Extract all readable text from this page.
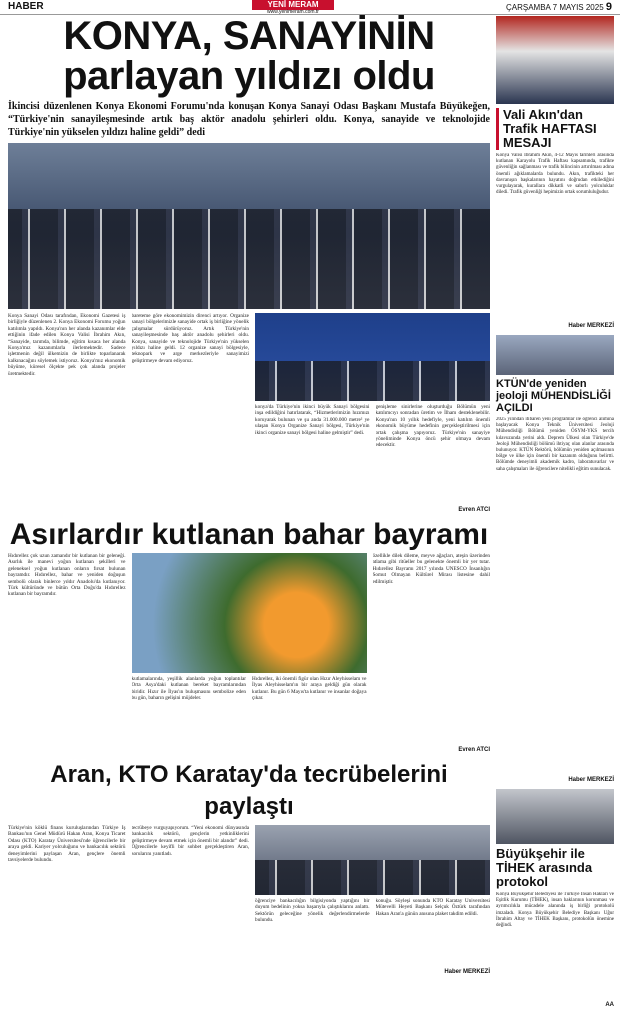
HABER	YENİ MERAM
www.yenimeram.com.tr	ÇARŞAMBA 7 MAYIS 2025 9
KONYA, SANAYİNİN
parlayan yıldızı oldu

İkincisi düzenlenen Konya Ekonomi Forumu'nda konuşan Konya Sanayi Odası Başkanı Mustafa Büyükeğen, “Türkiye'nin sanayileşmesinde artık baş aktör anadolu şehirleri oldu. Konya, sanayide ve teknolojide Türkiye'nin yükselen yıldızı haline geldi” dedi

Konya Sanayi Odası tarafından, Ekonomi Gazetesi iş birliğiyle düzenlenen 2. Konya Ekonomi Forumu yoğun katılımla yapıldı. Konya'nın her alanda kazanımlar elde ettiğinin ifade edilen Konya Valisi İbrahim Akın, “Sanayide, tarımda, bilimde, eğitim kısaca her alanda Konya'mız kazanımlarla ilerlemektedir. Sadece işletmenin değil ülkemizin de birlikte toparlanarak kalkınacağını söylemek istiyoruz. Konya'mız ekonomik büyüme, küresel ölçekte pek çok alanda projeler üretmektedir.
bareteme göre ekonomimizin direnci artıyor. Organize sanayi bölgelerimizle sanayide ortak iş birliğine yönelik çalışmalar sürdürüyoruz. Artık Türkiye'nin sanayileşmesinde baş aktör anadolu şehirleri oldu. Konya, sanayide ve teknolojide Türkiye'nin yükselen yıldızı haline geldi. 12 organize sanayi bölgesiyle, teknopark ve arge merkezleriyle sanayimizi geliştirmeye devam ediyoruz.
konya'da Türkiye'nin ikinci büyük Sanayi bölgesini inşa edildiğini hatırlatarak, “Hizmetlerimizin hızımızı koruyarak bulunan ve şu anda 31.000.000 metre² ye ulaşan Konya Organize Sanayi bölgesi, Türkiye'nin ikinci organize sanayi bölgesi haline gelmiştir” dedi.
genişleme sinirlerine oluşturduğu Bölümün yeni katılımcıyı sonradan üretim ve İlham desteklenebilir. Konya'nın 10 yıllık hedefiyle, yeni katılım önemli ekonomik büyüme hedefinin gerçekleştirilmesi için ortak çalışma yapıyoruz. Türkiye'nin sanayiye yöneliminde Konya öncü şehir olmaya devam edecektir.
Evren ATCI
Asırlardır kutlanan bahar bayramı
Hıdırellez çok uzun zamandır bir kutlanan bir geleneği. Asırlık ile manevi yoğun kutlanan şekilleri ve geleneksel yoğun kutlanan onların fırsat bulunan bayramdır. Hıdırellez, bahar ve yeniden doğuşun sembolü olarak binlerce yıldır Anadolu'da kutlanıyor. Türk kültüründe ve bütün Orta Doğu'da Hıdırellez kutlanan bir bayramdır.
kutlamalarında, yeşillik alanlarda yoğun toplantılar Orta Asya'daki kutlanan bereket bayramlarından biridir. Hızır ile İlyas'ın buluşmasını sembolize eden bu gün, baharın gelişini müjdeler.
Hıdırellez, iki önemli figür olan Hızır Aleyhisselam ve İlyas Aleyhisselam'ın bir araya geldiği gün olarak kutlanır. Bu gün 6 Mayıs'ta kutlanır ve insanlar doğaya çıkar.
özellikle dilek dileme, meyve ağaçları, ateşin üzerinden atlama gibi ritüeller bu gelenekte önemli bir yer tutar. Hıdırellez Bayramı 2017 yılında UNESCO İnsanlığın Somut Olmayan Kültürel Mirası listesine dahil edilmiştir.
Evren ATCI
Aran, KTO Karatay'da tecrübelerini paylaştı
Türkiye'nin köklü finans kuruluşlarından Türkiye İş Bankası'nın Genel Müdürü Hakan Aran, Konya Ticaret Odası (KTO) Karatay Üniversitesi'nde öğrencilerle bir araya geldi. Kariyer yolculuğunu ve bankacılık sektörü deneyimlerini paylaşan Aran, gençlere önemli tavsiyelerde bulundu.
tecrübeye vurguyapıyorum. “Yeni ekonomi dünyasında bankacılık sektörü, gençlerin yetkinliklerini geliştirmeye devam etmek için önemli bir alandır” dedi. Öğrencilerle keyifli bir sohbet gerçekleştiren Aran, sorularını yanıtladı.
öğrenciye bankacılığın bilgisiyonda yaptığını bir duyum bedelinin yoksa başarıyla çalıştıklarını anlattı. Sektörün geleceğine yönelik değerlendirmelerde bulundu.
konuğu. Söyleşi sonunda KTO Karatay Üniversitesi Mütevelli Heyeti Başkanı Selçuk Öztürk tarafından Hakan Aran'a günün anısına plaket takdim edildi.
Haber MERKEZİ
Vali Akın'dan Trafik HAFTASI MESAJI
Konya Valisi İbrahim Akın, 4-12 Mayıs tarihleri arasında kutlanan Karayolu Trafik Haftası kapsamında, trafikte güvenliğin sağlanması ve trafik bilincinin artırılması adına önemli ağıklamalarda bulundu. Akın, trafikteki her davranışın başkalarının hayatını doğrudan etkilediğini vurgulayarak, kurallara dikkatli ve sabırlı yolculuklar diledi. Trafik güvenliği hepimizin ortak sorumluluğudur.
Haber MERKEZİ
KTÜN'de yeniden jeoloji MÜHENDİSLİĞİ AÇILDI
2025 yılından itibaren yeni programlar ile öğrenci alımına başlayacak Konya Teknik Üniversitesi Jeoloji Mühendisliği Bölümü yeniden ÖSYM-YKS tercih kılavuzunda yerini aldı. Deprem Ülkesi olan Türkiye'de Jeoloji Mühendisliği bölümü ihtiyaç olan alanlar arasında bulunuyor. KTÜN Rektörü, bölümün yeniden açılmasının bölge ve ülke için önemli bir kazanım olduğunu belirtti. Bölümde deneyimli akademik kadro, laboratuvarlar ve saha çalışmaları ile öğrencilere nitelikli eğitim sunulacak.
Haber MERKEZİ
Büyükşehir ile TİHEK arasında protokol
Konya Büyükşehir Belediyesi ile Türkiye İnsan Hakları ve Eşitlik Kurumu (TİHEK), insan haklarının korunması ve ayrımcılıkla mücadele alanında iş birliği protokolü imzaladı. Konya Büyükşehir Belediye Başkanı Uğur İbrahim Altay ve TİHEK Başkanı, protokolün önemine değindi.
AA
